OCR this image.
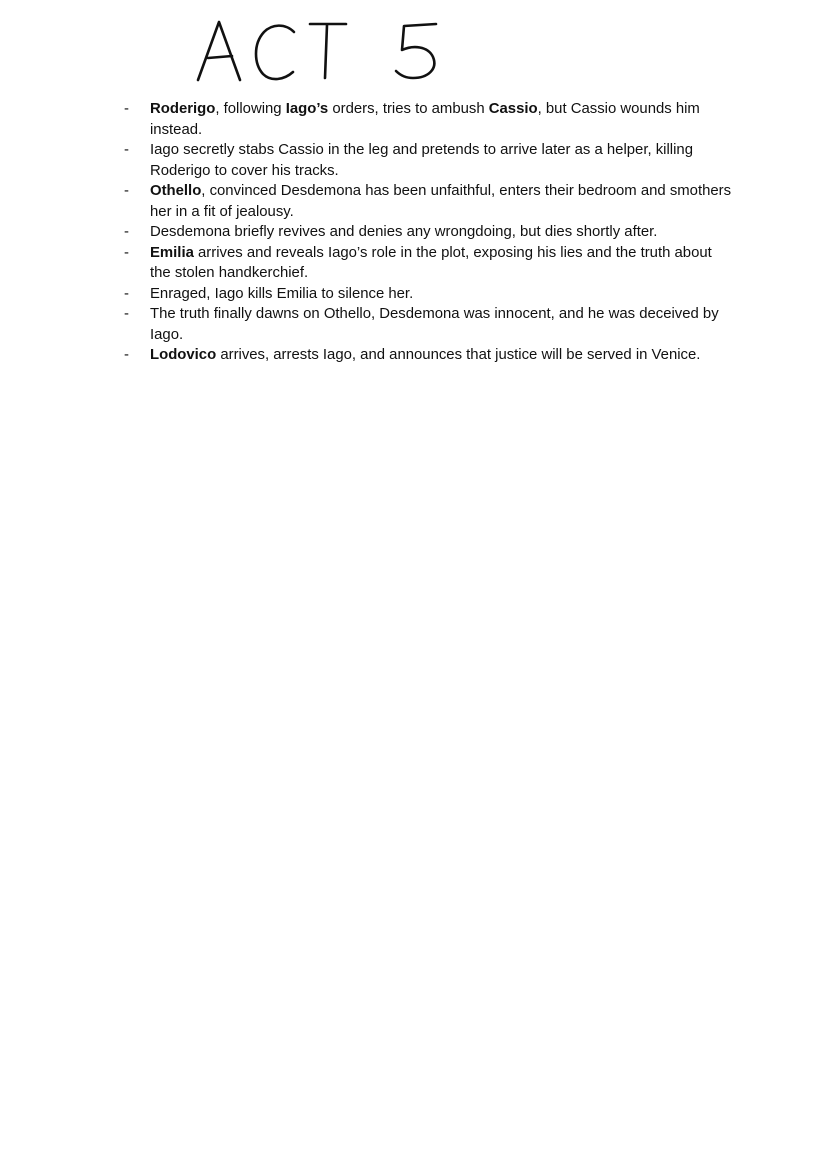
-	Roderigo, following Iago’s orders, tries to ambush Cassio, but Cassio wounds him instead.
-	Iago secretly stabs Cassio in the leg and pretends to arrive later as a helper, killing Roderigo to cover his tracks.
-	Othello, convinced Desdemona has been unfaithful, enters their bedroom and smothers her in a fit of jealousy.
-	Desdemona briefly revives and denies any wrongdoing, but dies shortly after.
-	Emilia arrives and reveals Iago’s role in the plot, exposing his lies and the truth about the stolen handkerchief.
-	Enraged, Iago kills Emilia to silence her.
-	The truth finally dawns on Othello, Desdemona was innocent, and he was deceived by Iago.
-	Lodovico arrives, arrests Iago, and announces that justice will be served in Venice.
